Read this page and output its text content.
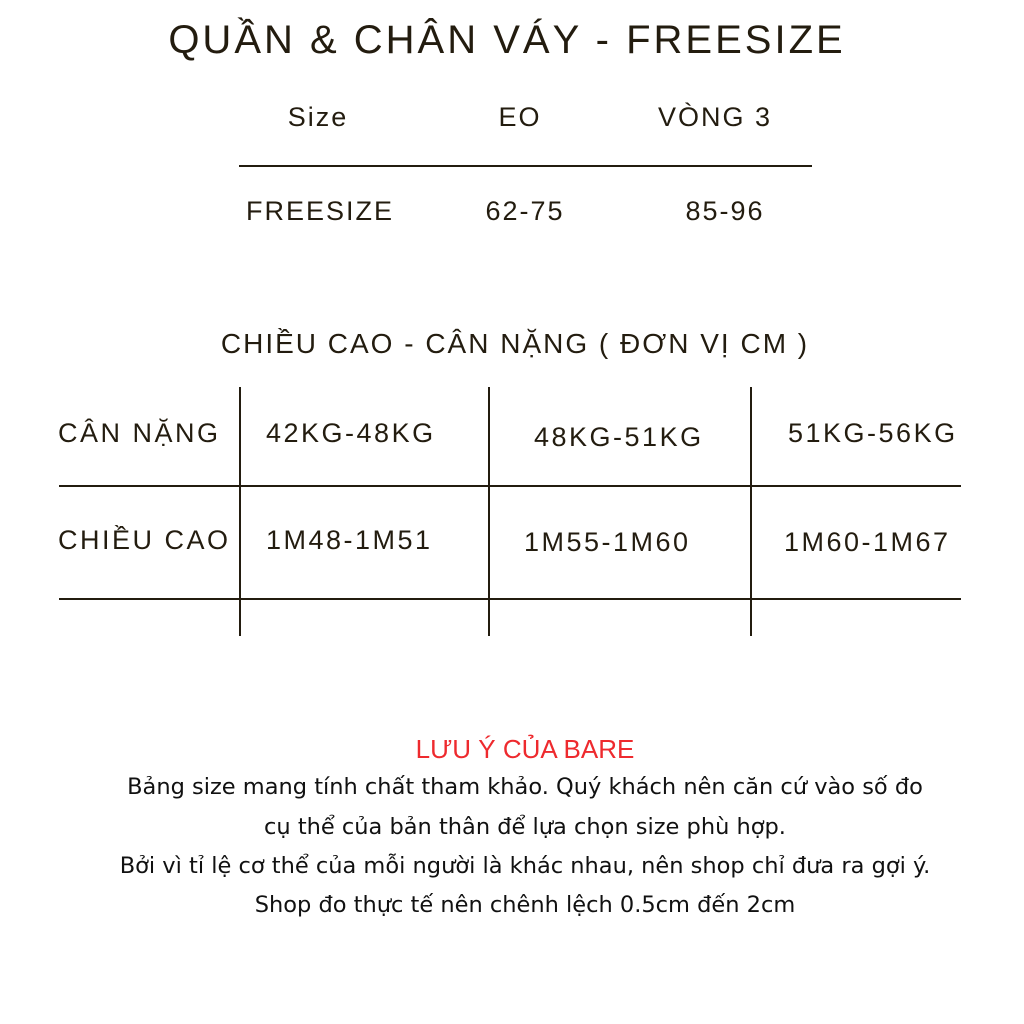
QUẦN & CHÂN VÁY - FREESIZE
Size	EO	VÒNG 3
FREESIZE	62-75	85-96
CHIỀU CAO - CÂN NẶNG ( ĐƠN VỊ CM )
CÂN NẶNG 42KG-48KG	48KG-51KG	51KG-56KG
CHIỀU CAO 1M48-1M51	1M55-1M60	1M60-1M67
LƯU Ý CỦA BARE
Bảng size mang tính chất tham khảo. Quý khách nên căn cứ vào số đo
cụ thể của bản thân để lựa chọn size phù hợp.
Bởi vì tỉ lệ cơ thể của mỗi người là khác nhau, nên shop chỉ đưa ra gợi ý.
Shop đo thực tế nên chênh lệch 0.5cm đến 2cm
